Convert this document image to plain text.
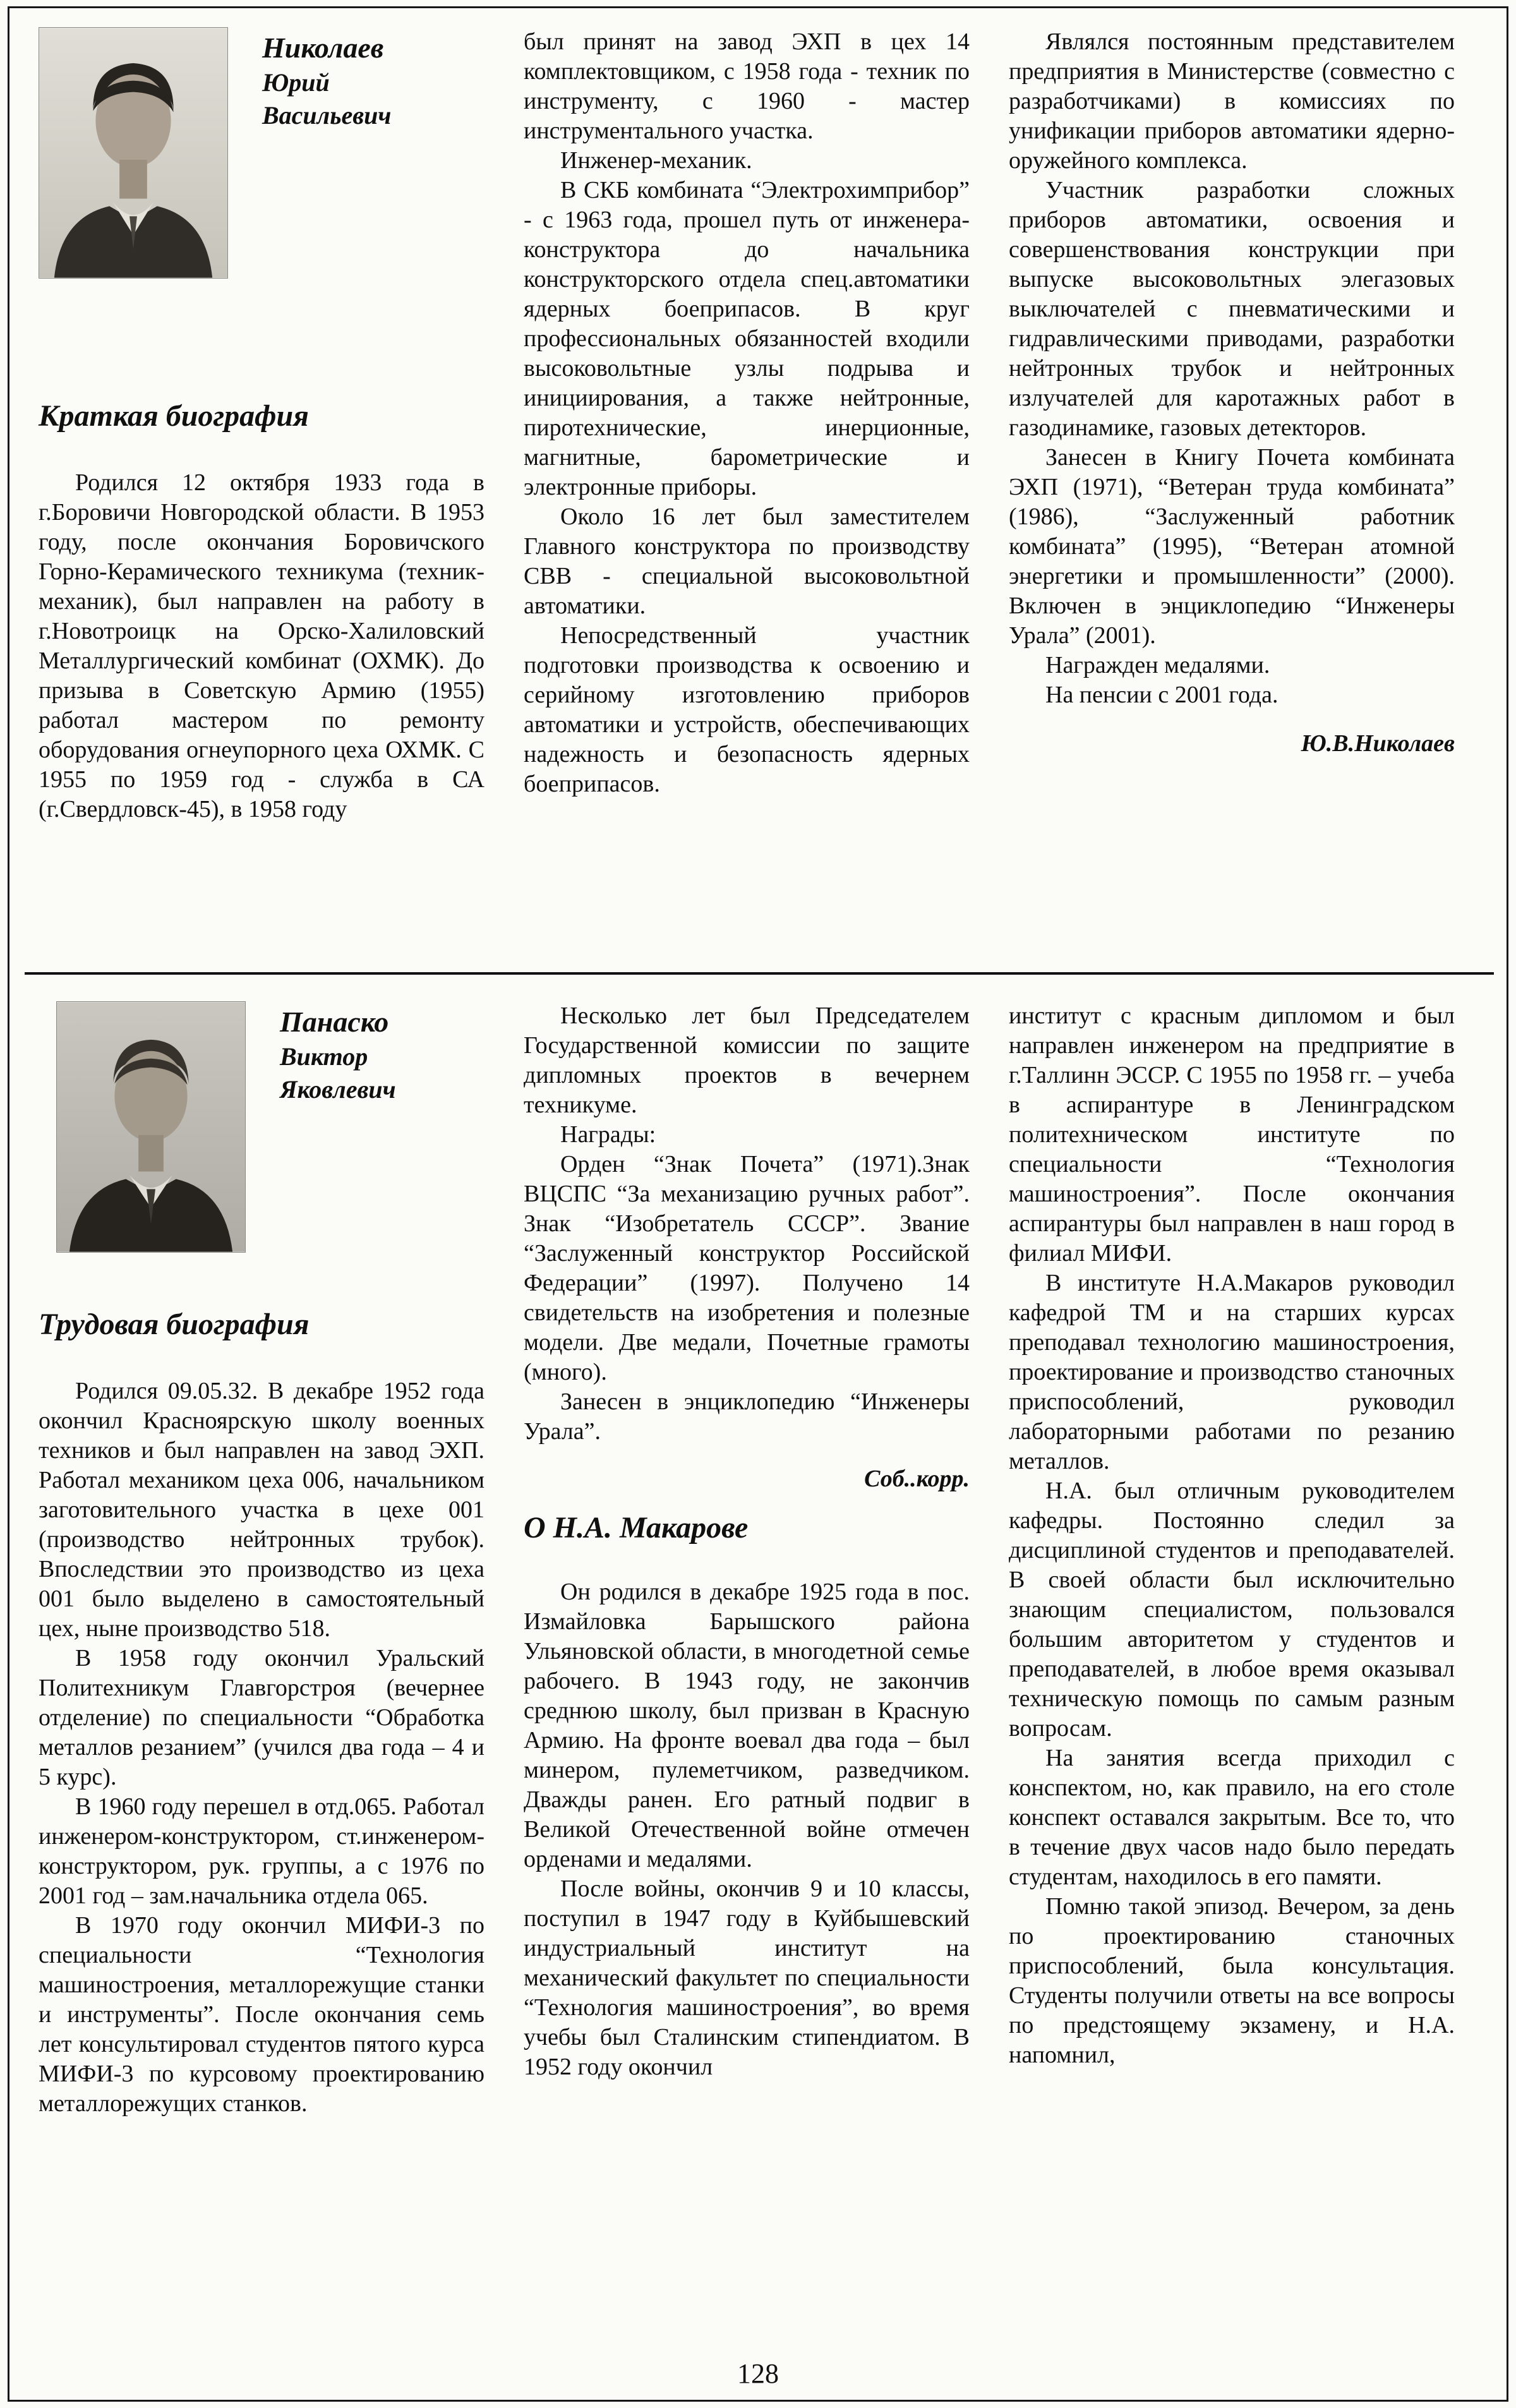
Николаев
Юрий
Васильевич
Краткая биография

Родился 12 октября 1933 года в г.Боровичи Новгородской области. В 1953 году, после окончания Боровичского Горно-Керамического техникума (техник-механик), был направлен на работу в г.Новотроицк на Орско-Халиловский Металлургический комбинат (ОХМК). До призыва в Советскую Армию (1955) работал мастером по ремонту оборудования огнеупорного цеха ОХМК. С 1955 по 1959 год - служба в СА (г.Свердловск-45), в 1958 году

был принят на завод ЭХП в цех 14 комплектовщиком, с 1958 года - техник по инструменту, с 1960 - мастер инструментального участка.

Инженер-механик.

В СКБ комбината “Электрохимприбор” - с 1963 года, прошел путь от инженера-конструктора до начальника конструкторского отдела спец.автоматики ядерных боеприпасов. В круг профессиональных обязанностей входили высоковольтные узлы подрыва и инициирования, а также нейтронные, пиротехнические, инерционные, магнитные, барометрические и электронные приборы.

Около 16 лет был заместителем Главного конструктора по производству СВВ - специальной высоковольтной автоматики.

Непосредственный участник подготовки производства к освоению и серийному изготовлению приборов автоматики и устройств, обеспечивающих надежность и безопасность ядерных боеприпасов.

Являлся постоянным представителем предприятия в Министерстве (совместно с разработчиками) в комиссиях по унификации приборов автоматики ядерно-оружейного комплекса.

Участник разработки сложных приборов автоматики, освоения и совершенствования конструкции при выпуске высоковольтных элегазовых выключателей с пневматическими и гидравлическими приводами, разработки нейтронных трубок и нейтронных излучателей для каротажных работ в газодинамике, газовых детекторов.

Занесен в Книгу Почета комбината ЭХП (1971), “Ветеран труда комбината” (1986), “Заслуженный работник комбината” (1995), “Ветеран атомной энергетики и промышленности” (2000). Включен в энциклопедию “Инженеры Урала” (2001).

Награжден медалями.

На пенсии с 2001 года.

Ю.В.Николаев

Панаско
Виктор
Яковлевич
Трудовая биография

Родился 09.05.32. В декабре 1952 года окончил Красноярскую школу военных техников и был направлен на завод ЭХП. Работал механиком цеха 006, начальником заготовительного участка в цехе 001 (производство нейтронных трубок). Впоследствии это производство из цеха 001 было выделено в самостоятельный цех, ныне производство 518.

В 1958 году окончил Уральский Политехникум Главгорстроя (вечернее отделение) по специальности “Обработка металлов резанием” (учился два года – 4 и 5 курс).

В 1960 году перешел в отд.065. Работал инженером-конструктором, ст.инженером-конструктором, рук. группы, а с 1976 по 2001 год – зам.начальника отдела 065.

В 1970 году окончил МИФИ-3 по специальности “Технология машиностроения, металлорежущие станки и инструменты”. После окончания семь лет консультировал студентов пятого курса МИФИ-3 по курсовому проектированию металлорежущих станков.

Несколько лет был Председателем Государственной комиссии по защите дипломных проектов в вечернем техникуме.

Награды:

Орден “Знак Почета” (1971).Знак ВЦСПС “За механизацию ручных работ”. Знак “Изобретатель СССР”. Звание “Заслуженный конструктор Российской Федерации” (1997). Получено 14 свидетельств на изобретения и полезные модели. Две медали, Почетные грамоты (много).

Занесен в энциклопедию “Инженеры Урала”.

Соб..корр.

О Н.А. Макарове

Он родился в декабре 1925 года в пос. Измайловка Барышского района Ульяновской области, в многодетной семье рабочего. В 1943 году, не закончив среднюю школу, был призван в Красную Армию. На фронте воевал два года – был минером, пулеметчиком, разведчиком. Дважды ранен. Его ратный подвиг в Великой Отечественной войне отмечен орденами и медалями.

После войны, окончив 9 и 10 классы, поступил в 1947 году в Куйбышевский индустриальный институт на механический факультет по специальности “Технология машиностроения”, во время учебы был Сталинским стипендиатом. В 1952 году окончил

институт с красным дипломом и был направлен инженером на предприятие в г.Таллинн ЭССР. С 1955 по 1958 гг. – учеба в аспирантуре в Ленинградском политехническом институте по специальности “Технология машиностроения”. После окончания аспирантуры был направлен в наш город в филиал МИФИ.

В институте Н.А.Макаров руководил кафедрой ТМ и на старших курсах преподавал технологию машиностроения, проектирование и производство станочных приспособлений, руководил лабораторными работами по резанию металлов.

Н.А. был отличным руководителем кафедры. Постоянно следил за дисциплиной студентов и преподавателей. В своей области был исключительно знающим специалистом, пользовался большим авторитетом у студентов и преподавателей, в любое время оказывал техническую помощь по самым разным вопросам.

На занятия всегда приходил с конспектом, но, как правило, на его столе конспект оставался закрытым. Все то, что в течение двух часов надо было передать студентам, находилось в его памяти.

Помню такой эпизод. Вечером, за день по проектированию станочных приспособлений, была консультация. Студенты получили ответы на все вопросы по предстоящему экзамену, и Н.А. напомнил,

128
